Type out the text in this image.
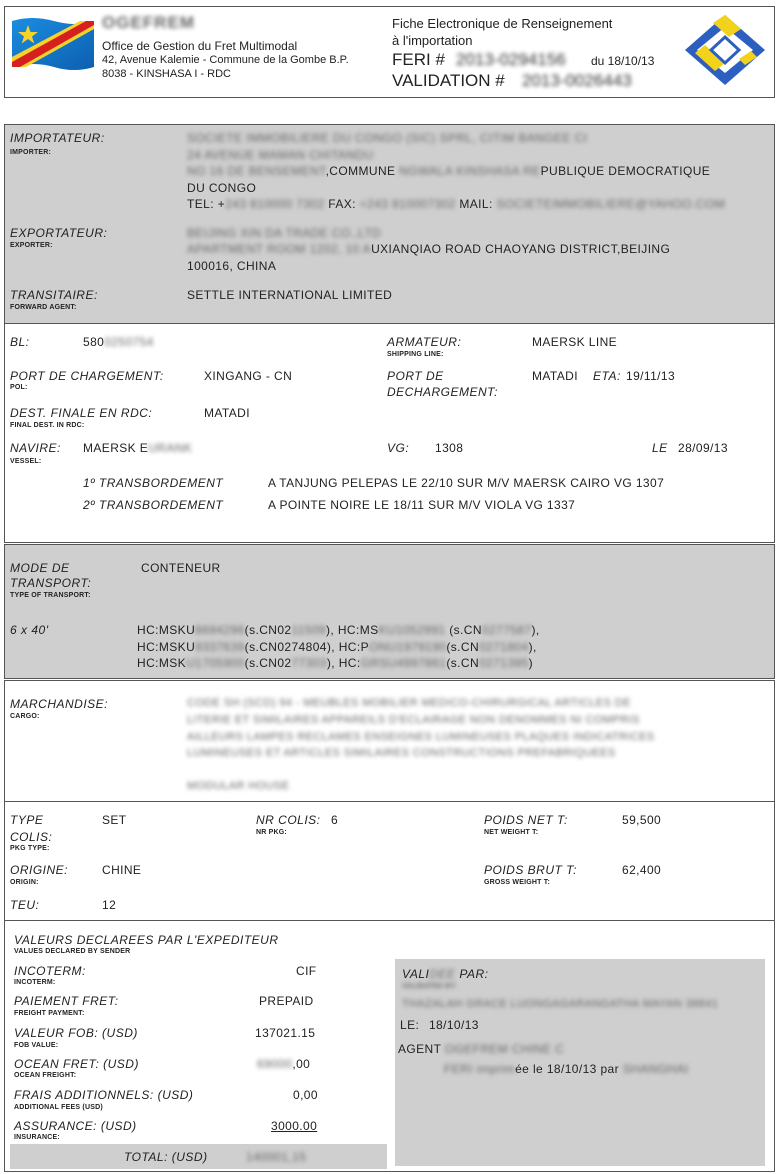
OGEFREM
Office de Gestion du Fret Multimodal
42, Avenue Kalemie - Commune de la Gombe B.P.
8038 - KINSHASA I - RDC
Fiche Electronique de Renseignement
à l'importation
FERI # 2013-0294156 du 18/10/13
VALIDATION # 2013-0026443
IMPORTATEUR:
IMPORTER:
SOCIETE IMMOBILIERE DU CONGO (SIC) SPRL, CITIM BANGEE CI
24 AVENUE MAMAN CHITANDU
NO 16 DE BENSEMENT,COMMUNE NGWALA KINSHASA REPUBLIQUE DEMOCRATIQUE
DU CONGO
TEL: +243 810000 7302 FAX: +243 810007302 MAIL: SOCIETEIMMOBILIERE@YAHOO.COM
EXPORTATEUR:
EXPORTER:
BEIJING XIN DA TRADE CO.,LTD
APARTMENT ROOM 1202, 10 AUXIANQIAO ROAD CHAOYANG DISTRICT,BEIJING
100016, CHINA
TRANSITAIRE:
FORWARD AGENT:
SETTLE INTERNATIONAL LIMITED
BL:	5800250754	ARMATEUR:
SHIPPING LINE:
MAERSK LINE
PORT DE CHARGEMENT:
POL:
XINGANG - CN	PORT DE
DECHARGEMENT:
MATADI ETA: 19/11/13
DEST. FINALE EN RDC:
FINAL DEST. IN RDC:
MATADI
NAVIRE:
VESSEL:
MAERSK EURANK	VG: 1308	LE 28/09/13
1º TRANSBORDEMENT	A TANJUNG PELEPAS LE 22/10 SUR M/V MAERSK CAIRO VG 1307
2º TRANSBORDEMENT	A POINTE NOIRE LE 18/11 SUR M/V VIOLA VG 1337
MODE DE
TRANSPORT:
TYPE OF TRANSPORT:
CONTENEUR
6 x 40'	HC:MSKU8694296(s.CN0211509), HC:MSKU1052991 (s.CN0277587),
HC:MSKU9337639(s.CN0274804), HC:PONU1979190(s.CN0271804),
HC:MSKU1705900(s.CN0277303), HC:GRSU4997861(s.CN0271395)
MARCHANDISE:
CARGO:
CODE SH (SCD) 94 - MEUBLES MOBILIER MEDICO-CHIRURGICAL ARTICLES DE
LITERIE ET SIMILAIRES APPAREILS D'ECLAIRAGE NON DENOMMES NI COMPRIS
AILLEURS LAMPES RECLAMES ENSEIGNES LUMINEUSES PLAQUES INDICATRICES
LUMINEUSES ET ARTICLES SIMILAIRES CONSTRUCTIONS PREFABRIQUEES
MODULAR HOUSE
TYPE
COLIS:
PKG TYPE:
SET	NR COLIS:
NR PKG:
6	POIDS NET T:
NET WEIGHT T:
59,500
ORIGINE:
ORIGIN:
CHINE	POIDS BRUT T:
GROSS WEIGHT T:
62,400
TEU:	12
VALEURS DECLAREES PAR L'EXPEDITEUR
VALUES DECLARED BY SENDER
INCOTERM:
INCOTERM:
CIF
PAIEMENT FRET:
FREIGHT PAYMENT:
PREPAID
VALEUR FOB: (USD)
FOB VALUE:
137021.15
OCEAN FRET: (USD)
OCEAN FREIGHT:
69000,00
FRAIS ADDITIONNELS: (USD)
ADDITIONAL FEES (USD)
0,00
ASSURANCE: (USD)
INSURANCE:
3000.00
TOTAL: (USD)	140001,15
VALIDEE PAR:
VALIDATED BY:
THAZALAH GRACE LUONGAGARANGATHA MAYAN 38841
LE: 18/10/13
AGENT OGEFREM CHINE C
FERI imprimée le 18/10/13 par SHANGHAI
